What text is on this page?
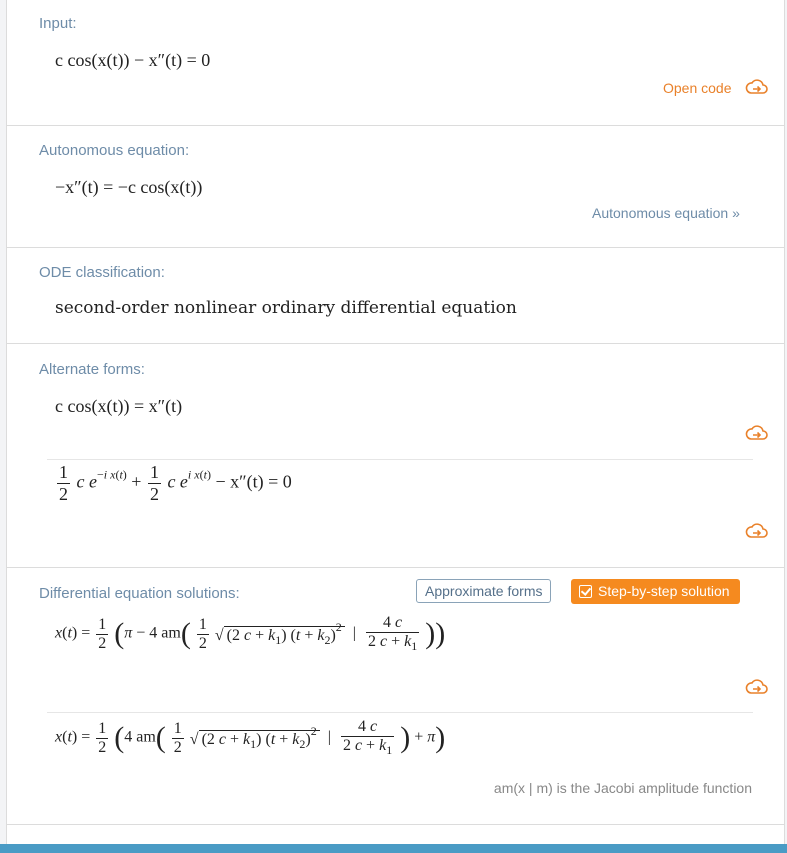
Input:
c cos(x(t)) − x″(t) = 0
Open code
Autonomous equation:
−x″(t) = −c cos(x(t))
Autonomous equation »
ODE classification:
second-order nonlinear ordinary differential equation
Alternate forms:
c cos(x(t)) = x″(t)
$\frac{1}{2}$ c $e^{-i x(t)} + \frac{1}{2}$ c $e^{i x(t)} - x''(t) = 0$
Differential equation solutions:	Approximate forms	Step-by-step solution
$x(t) = \frac{1}{2} (\pi - 4$ $am( \frac{1}{2}$ √ (2 $c + k_1$) $(t + k_2)^2$  | $\frac{4 c}{2 c + k_1}$ ))
$x(t) = \frac{1}{2} (4$ $am( \frac{1}{2}$ √ (2 $c + k_1$) $(t + k_2)^2$  | $\frac{4 c}{2 c + k_1}$ ) + π)
am(x | m) is the Jacobi amplitude function
